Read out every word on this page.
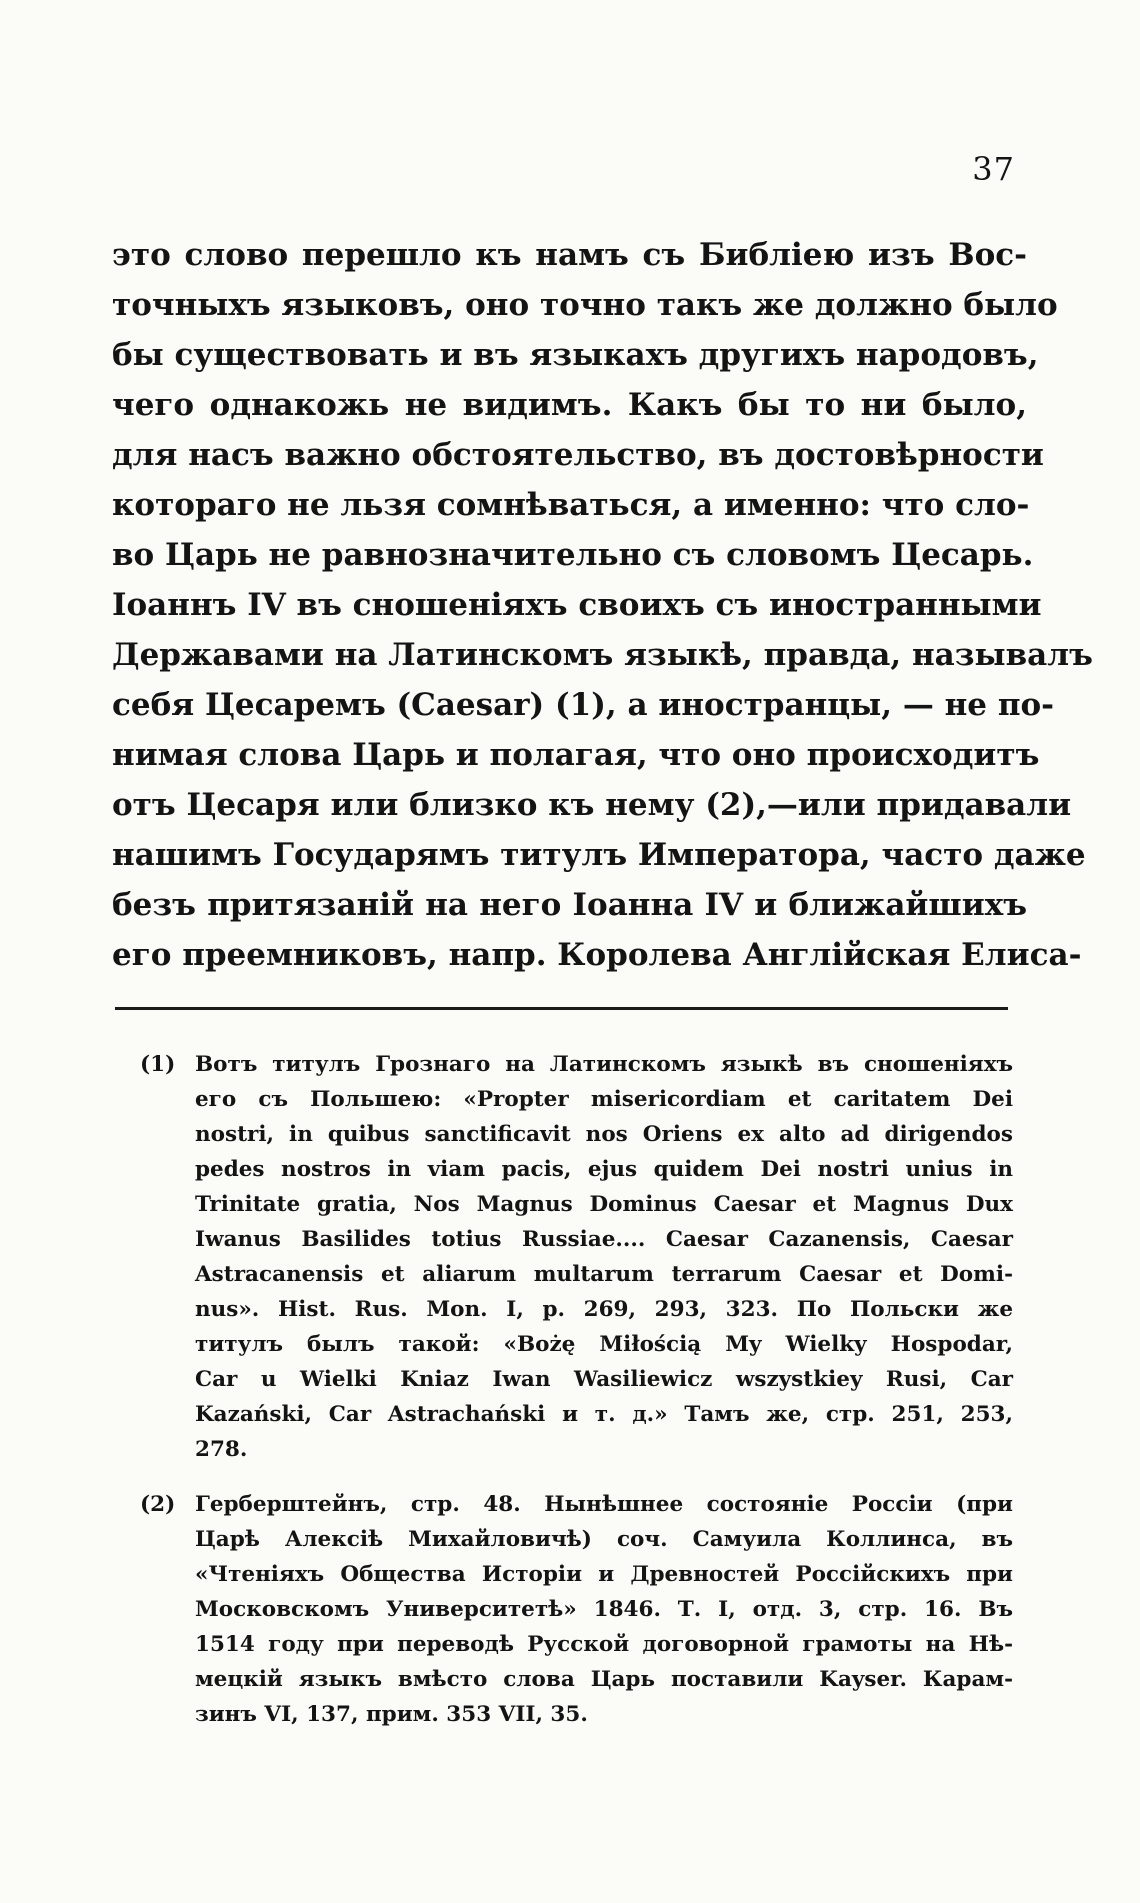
37
это слово перешло къ намъ съ Библіею изъ Вос-
точныхъ языковъ, оно точно такъ же должно было
бы существовать и въ языкахъ другихъ народовъ,
чего однакожь не видимъ. Какъ бы то ни было,
для насъ важно обстоятельство, въ достовѣрности
котораго не льзя сомнѣваться, а именно: что сло-
во Царь не равнозначительно съ словомъ Цесарь.
Іоаннъ IV въ сношеніяхъ своихъ съ иностранными
Державами на Латинскомъ языкѣ, правда, называлъ
себя Цесаремъ (Caesar) (1), а иностранцы, — не по-
нимая слова Царь и полагая, что оно происходитъ
отъ Цесаря или близко къ нему (2),—или придавали
нашимъ Государямъ титулъ Императора, часто даже
безъ притязаній на него Іоанна IV и ближайшихъ
его преемниковъ, напр. Королева Англійская Елиса-
(1) Вотъ титулъ Грознаго на Латинскомъ языкѣ въ сношеніяхъ
его съ Польшею: «Propter misericordiam et caritatem Dei
nostri, in quibus sanctificavit nos Oriens ex alto ad dirigendos
pedes nostros in viam pacis, ejus quidem Dei nostri unius in
Trinitate gratia, Nos Magnus Dominus Caesar et Magnus Dux
Iwanus Basilides totius Russiae.... Caesar Cazanensis, Caesar
Astracanensis et aliarum multarum terrarum Caesar et Domi-
nus». Hist. Rus. Mon. I, p. 269, 293, 323. По Польски же
титулъ былъ такой: «Bożę Miłością My Wielky Hospodar,
Car u Wielki Kniaz Iwan Wasiliewicz wszystkiey Rusi, Car
Kazański, Car Astrachański и т. д.» Тамъ же, стр. 251, 253,
278.
(2) Герберштейнъ, стр. 48. Нынѣшнее состояніе Россіи (при
Царѣ Алексіѣ Михайловичѣ) соч. Самуила Коллинса, въ
«Чтеніяхъ Общества Исторіи и Древностей Россійскихъ при
Московскомъ Университетѣ» 1846. Т. I, отд. 3, стр. 16. Въ
1514 году при переводѣ Русской договорной грамоты на Нѣ-
мецкій языкъ вмѣсто слова Царь поставили Kayser. Карам-
зинъ VI, 137, прим. 353 VII, 35.
